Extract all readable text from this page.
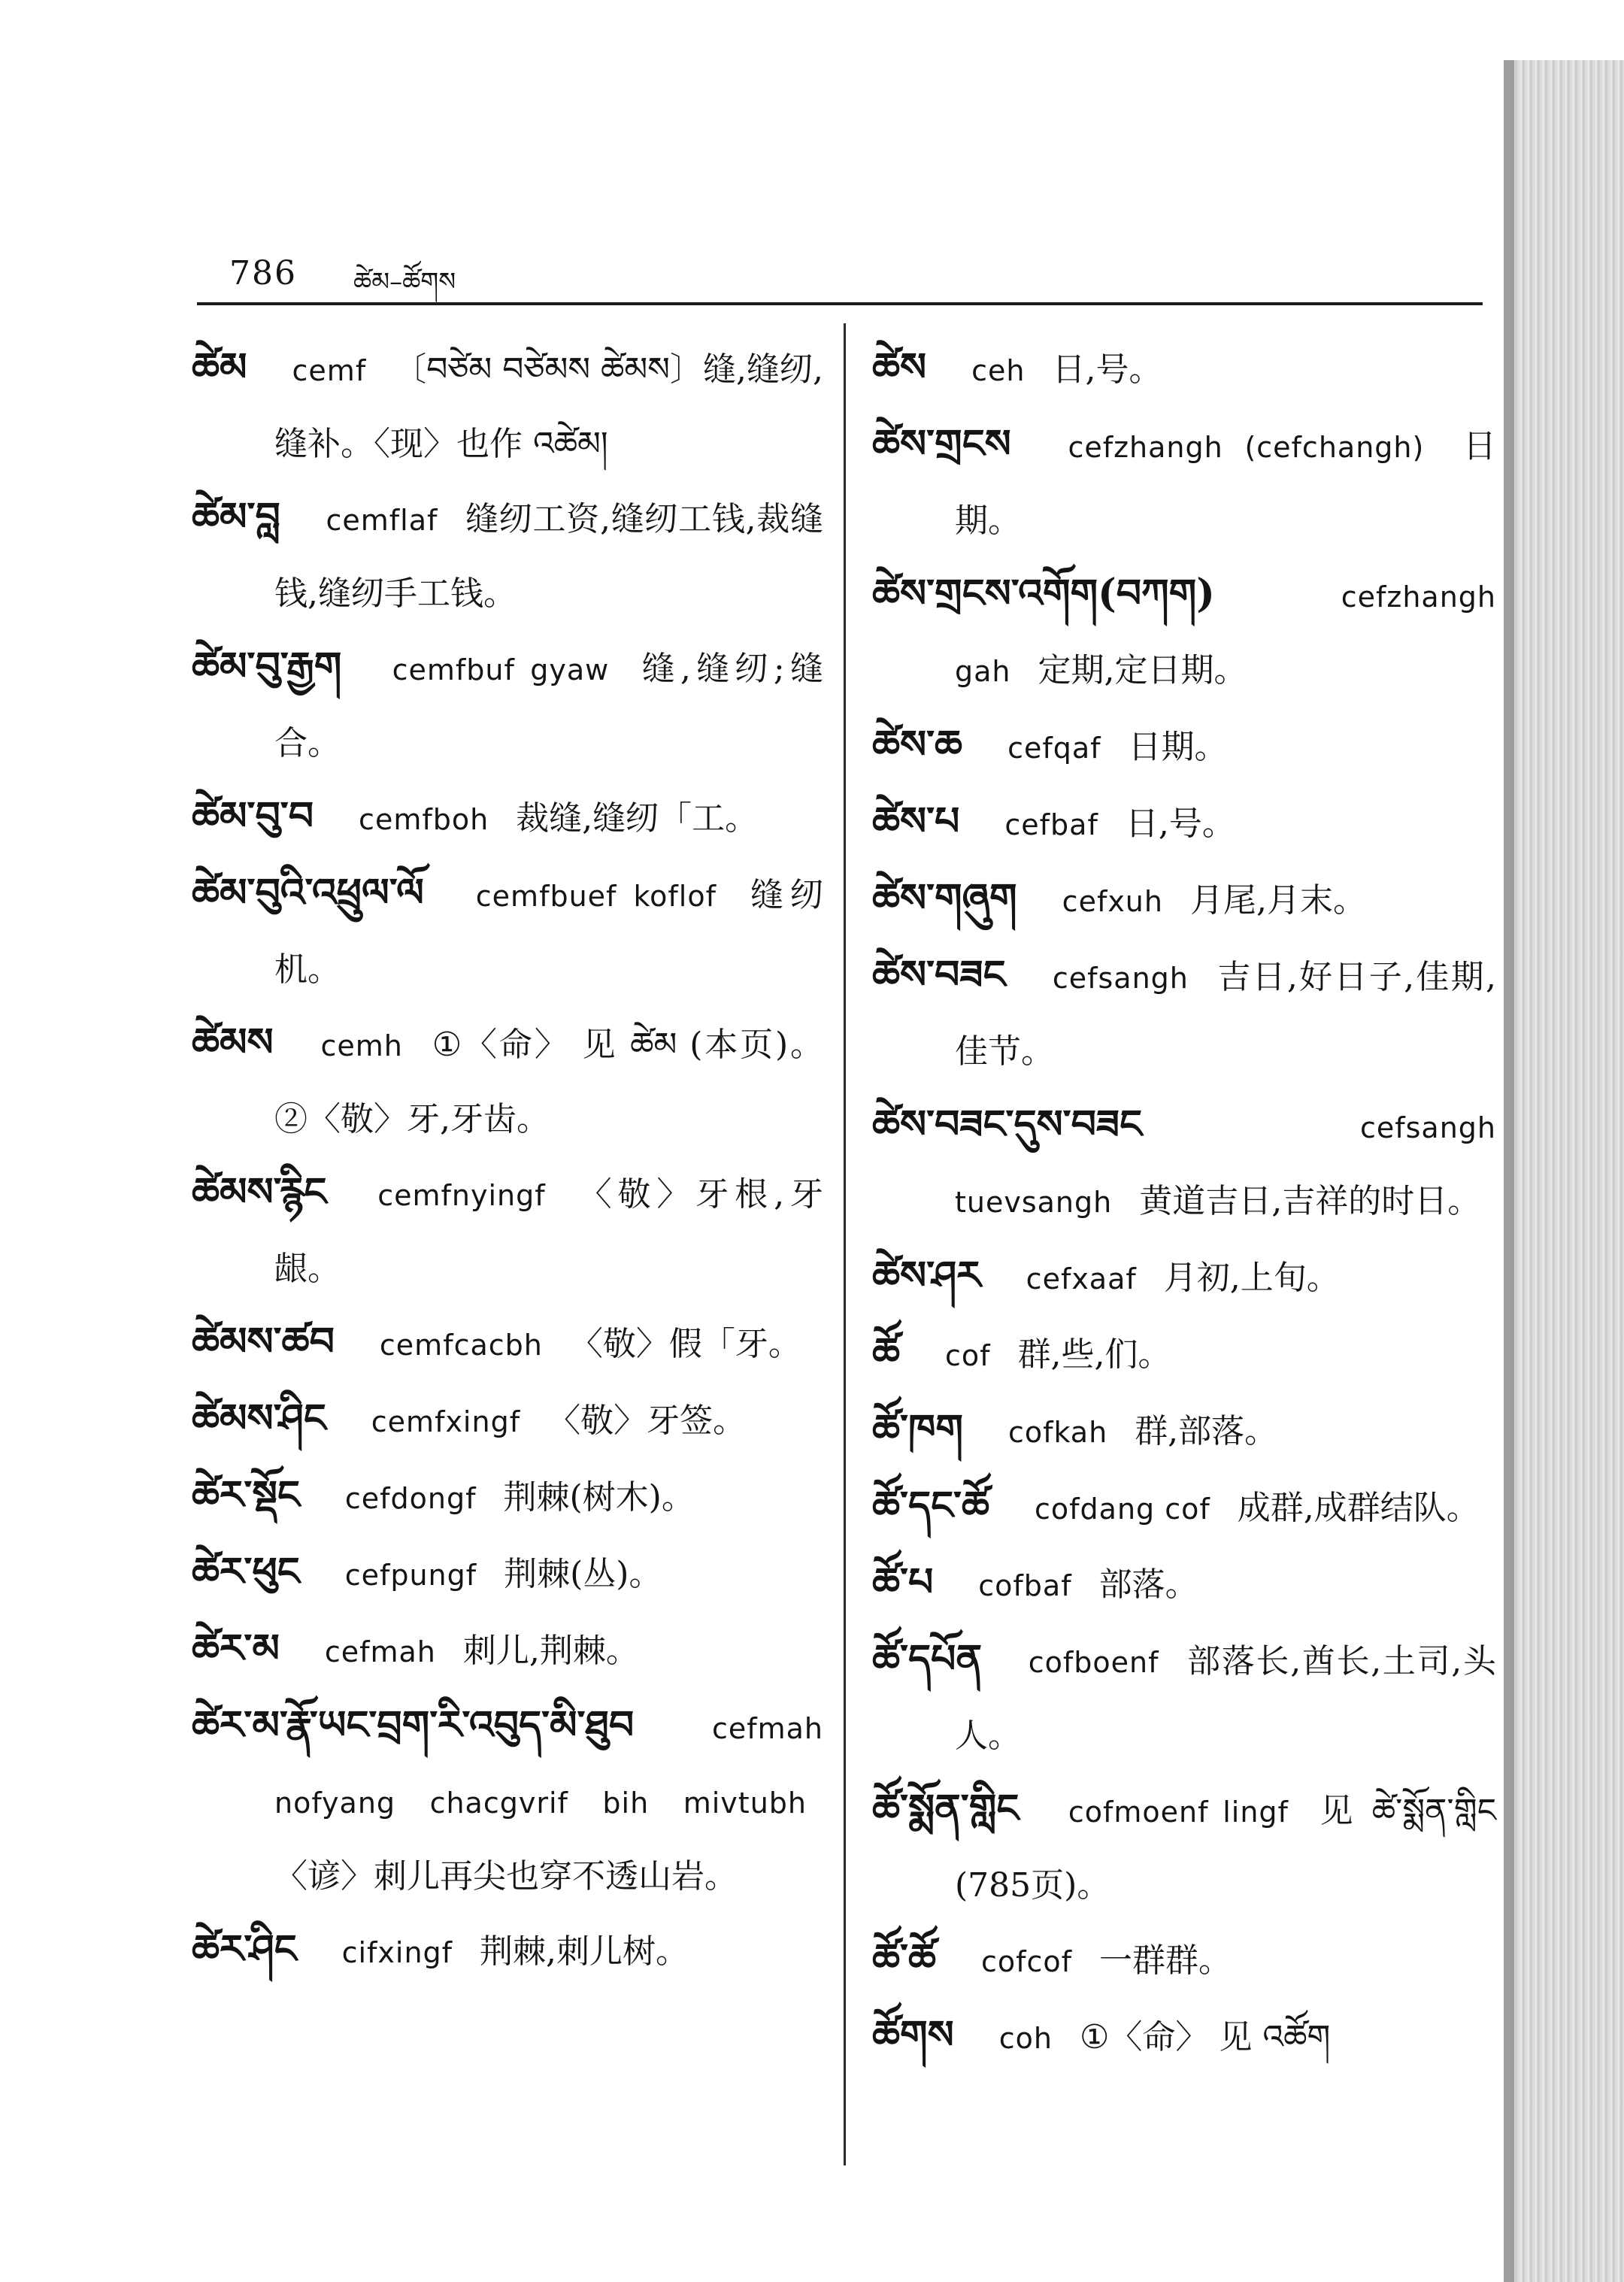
786 ཚེམ–ཚོགས

ཚེམ cemf 〔བཙེམ བཙེམས ཚེམས〕缝,缝纫,缝补。〈现〉也作 འཚེམ།

ཚེམ་བླ cemflaf 缝纫工资,缝纫工钱,裁缝钱,缝纫手工钱。

ཚེམ་བུ་རྒྱག cemfbuf gyaw 缝,缝纫;缝合。

ཚེམ་བུ་བ cemfboh 裁缝,缝纫「工。

ཚེམ་བུའི་འཕྲུལ་ལོ cemfbuef koflof 缝纫机。

ཚེམས cemh ①〈命〉 见 ཚེམ (本页)。②〈敬〉牙,牙齿。

ཚེམས་རྙིང cemfnyingf 〈敬〉牙根,牙龈。

ཚེམས་ཚབ cemfcacbh 〈敬〉假「牙。

ཚེམས་ཤིང cemfxingf 〈敬〉牙签。

ཚེར་སྡོང cefdongf 荆棘(树木)。

ཚེར་ཕུང cefpungf 荆棘(丛)。

ཚེར་མ cefmah 刺儿,荆棘。

ཚེར་མ་རྣོ་ཡང་བྲག་རི་འབུད་མི་ཐུབ	cefmah nofyang chacgvrif bih mivtubh 〈谚〉刺儿再尖也穿不透山岩。

ཚེར་ཤིང cifxingf 荆棘,刺儿树。

ཚེས ceh 日,号。

ཚེས་གྲངས cefzhangh (cefchangh) 日期。

ཚེས་གྲངས་འགོག(བཀག)	cefzhangh gah 定期,定日期。

ཚེས་ཆ cefqaf 日期。

ཚེས་པ cefbaf 日,号。

ཚེས་གཞུག cefxuh 月尾,月末。

ཚེས་བཟང cefsangh 吉日,好日子,佳期,佳节。

ཚེས་བཟང་དུས་བཟང	cefsangh tuevsangh 黄道吉日,吉祥的时日。

ཚེས་ཤར cefxaaf 月初,上旬。

ཚོ cof 群,些,们。

ཚོ་ཁག cofkah 群,部落。

ཚོ་དང་ཚོ cofdang cof 成群,成群结队。

ཚོ་པ cofbaf 部落。

ཚོ་དཔོན cofboenf 部落长,酋长,土司,头人。

ཚོ་སྨོན་གླིང cofmoenf lingf 见 ཚེ་སྨོན་གླིང (785页)。

ཚོ་ཚོ cofcof 一群群。

ཚོགས coh ①〈命〉 见 འཚོག
